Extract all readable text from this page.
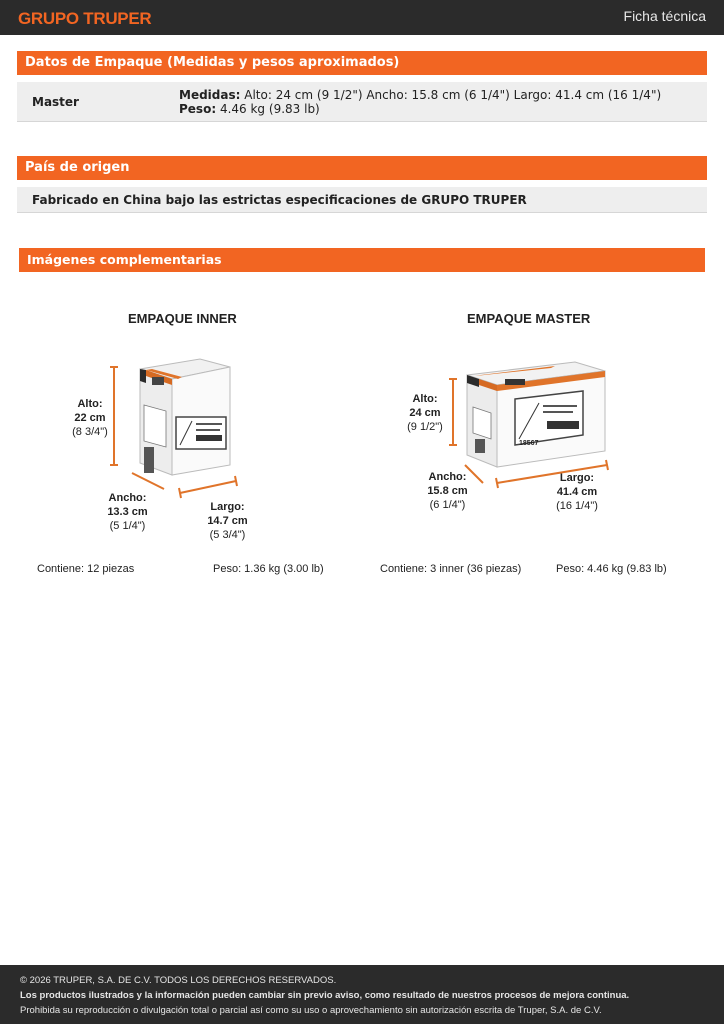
GRUPO TRUPER	Ficha técnica
Datos de Empaque (Medidas y pesos aproximados)
Master	Medidas: Alto: 24 cm (9 1/2") Ancho: 15.8 cm (6 1/4") Largo: 41.4 cm (16 1/4") Peso: 4.46 kg (9.83 lb)
País de origen
Fabricado en China bajo las estrictas especificaciones de GRUPO TRUPER
Imágenes complementarias
EMPAQUE INNER
Alto:
22 cm
(8 3/4")
Ancho:
13.3 cm
(5 1/4")
Largo:
14.7 cm
(5 3/4")
Contiene: 12 piezas	Peso: 1.36 kg (3.00 lb)
EMPAQUE MASTER
18567
Alto:
24 cm
(9 1/2")
Ancho:
15.8 cm
(6 1/4")
Largo:
41.4 cm
(16 1/4")
Contiene: 3 inner (36 piezas)	Peso: 4.46 kg (9.83 lb)
© 2026 TRUPER, S.A. DE C.V. TODOS LOS DERECHOS RESERVADOS.
Los productos ilustrados y la información pueden cambiar sin previo aviso, como resultado de nuestros procesos de mejora continua.
Prohibida su reproducción o divulgación total o parcial así como su uso o aprovechamiento sin autorización escrita de Truper, S.A. de C.V.
